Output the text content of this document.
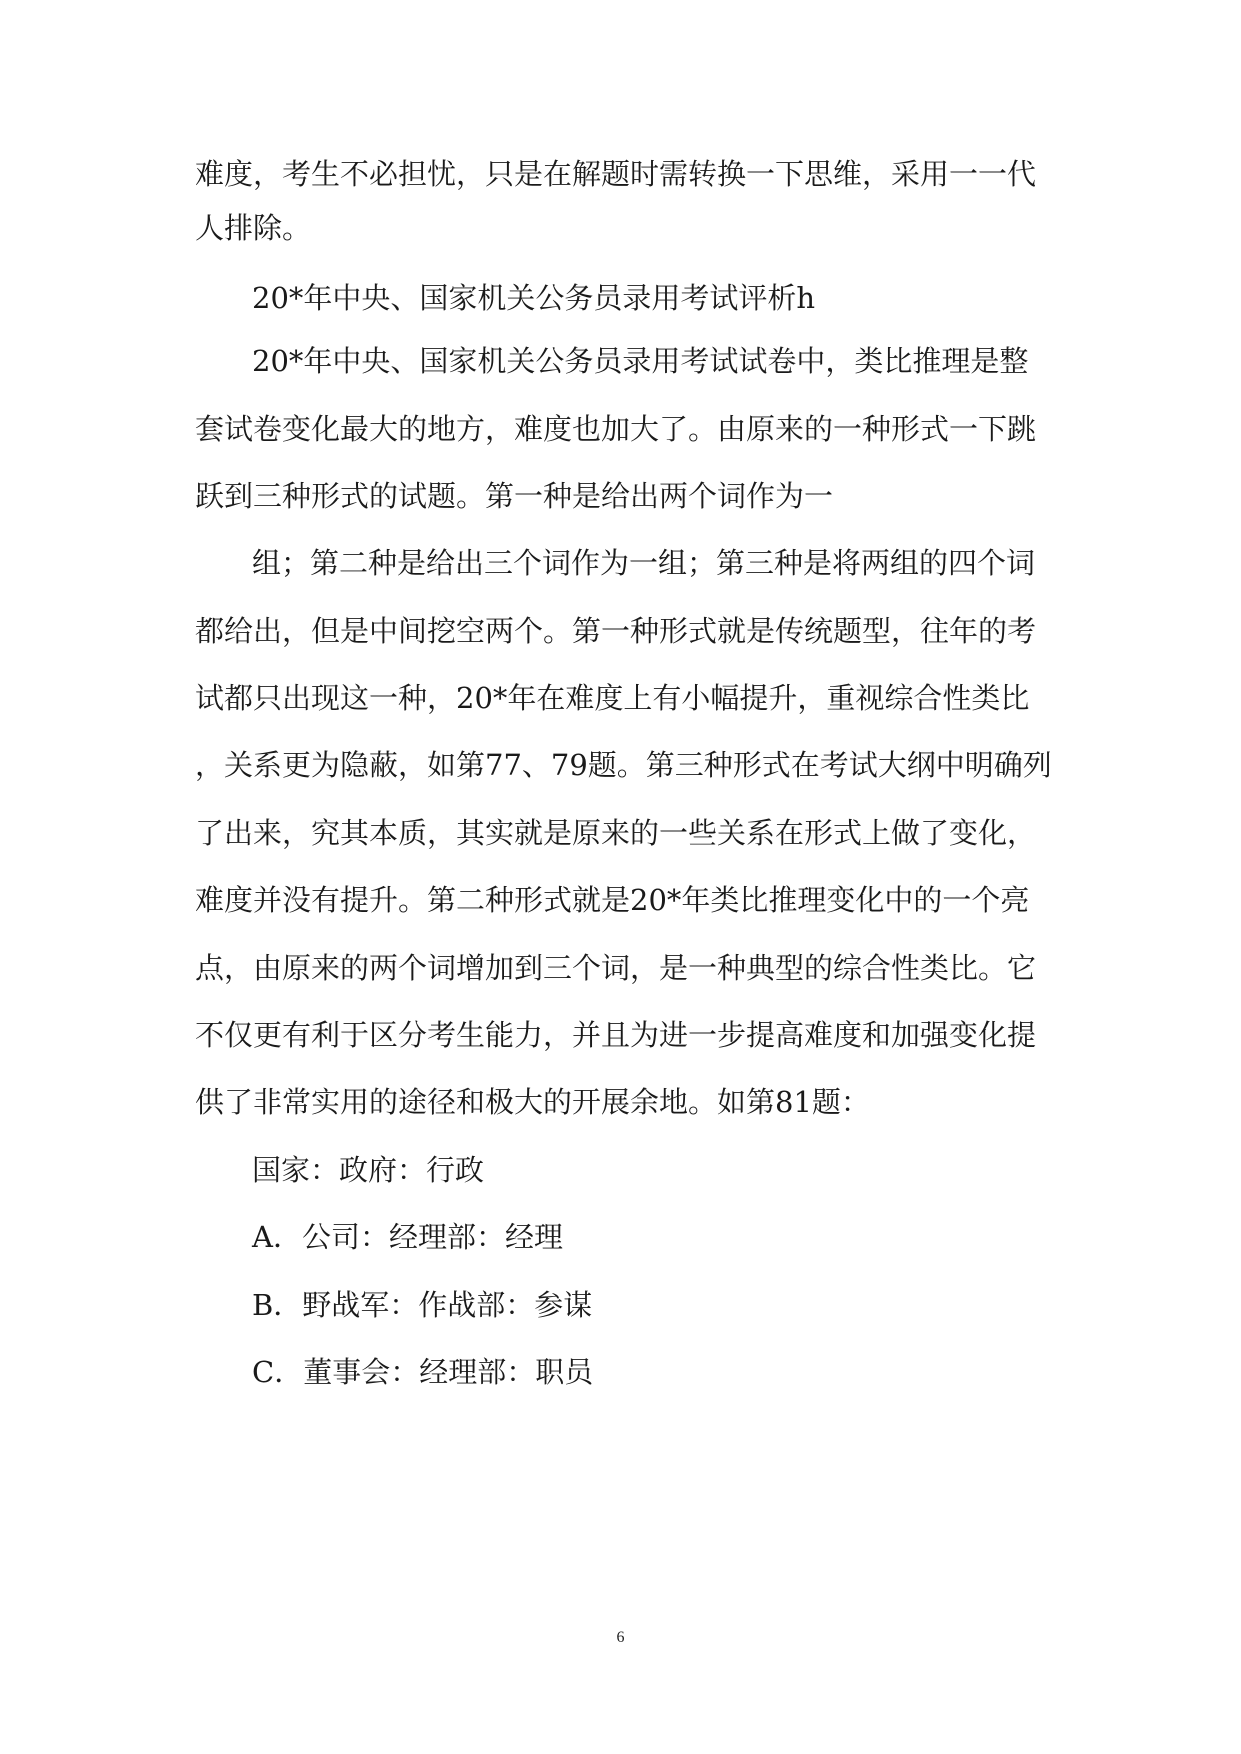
难度，考生不必担忧，只是在解题时需转换一下思维，采用一一代
人排除。
20*年中央、国家机关公务员录用考试评析h
20*年中央、国家机关公务员录用考试试卷中，类比推理是整
套试卷变化最大的地方，难度也加大了。由原来的一种形式一下跳
跃到三种形式的试题。第一种是给出两个词作为一
组；第二种是给出三个词作为一组；第三种是将两组的四个词
都给出，但是中间挖空两个。第一种形式就是传统题型，往年的考
试都只出现这一种，20*年在难度上有小幅提升，重视综合性类比
，关系更为隐蔽，如第77、79题。第三种形式在考试大纲中明确列
了出来，究其本质，其实就是原来的一些关系在形式上做了变化，
难度并没有提升。第二种形式就是20*年类比推理变化中的一个亮
点，由原来的两个词增加到三个词，是一种典型的综合性类比。它
不仅更有利于区分考生能力，并且为进一步提高难度和加强变化提
供了非常实用的途径和极大的开展余地。如第81题：
国家：政府：行政
A．公司：经理部：经理
B．野战军：作战部：参谋
C．董事会：经理部：职员
6
